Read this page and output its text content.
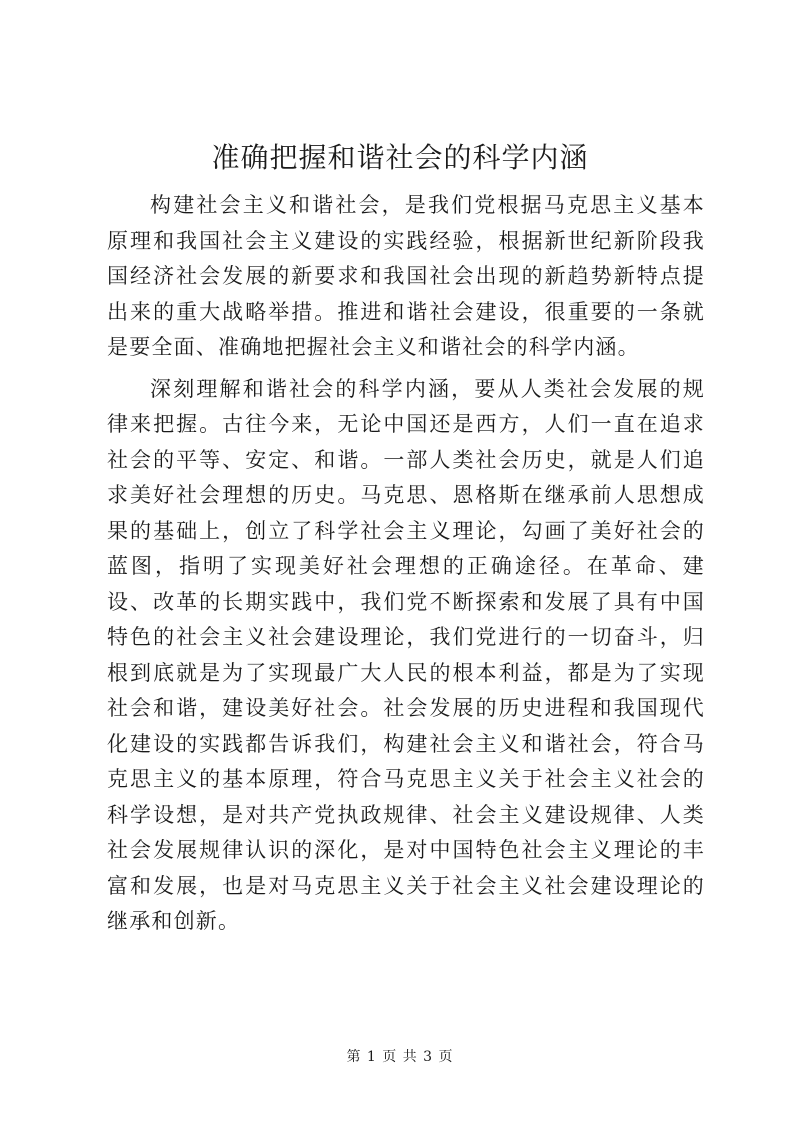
准确把握和谐社会的科学内涵

构建社会主义和谐社会，是我们党根据马克思主义基本原理和我国社会主义建设的实践经验，根据新世纪新阶段我国经济社会发展的新要求和我国社会出现的新趋势新特点提出来的重大战略举措。推进和谐社会建设，很重要的一条就是要全面、准确地把握社会主义和谐社会的科学内涵。

深刻理解和谐社会的科学内涵，要从人类社会发展的规律来把握。古往今来，无论中国还是西方，人们一直在追求社会的平等、安定、和谐。一部人类社会历史，就是人们追求美好社会理想的历史。马克思、恩格斯在继承前人思想成果的基础上，创立了科学社会主义理论，勾画了美好社会的蓝图，指明了实现美好社会理想的正确途径。在革命、建设、改革的长期实践中，我们党不断探索和发展了具有中国特色的社会主义社会建设理论，我们党进行的一切奋斗，归根到底就是为了实现最广大人民的根本利益，都是为了实现社会和谐，建设美好社会。社会发展的历史进程和我国现代化建设的实践都告诉我们，构建社会主义和谐社会，符合马克思主义的基本原理，符合马克思主义关于社会主义社会的科学设想，是对共产党执政规律、社会主义建设规律、人类社会发展规律认识的深化，是对中国特色社会主义理论的丰富和发展，也是对马克思主义关于社会主义社会建设理论的继承和创新。

第 1 页 共 3 页
